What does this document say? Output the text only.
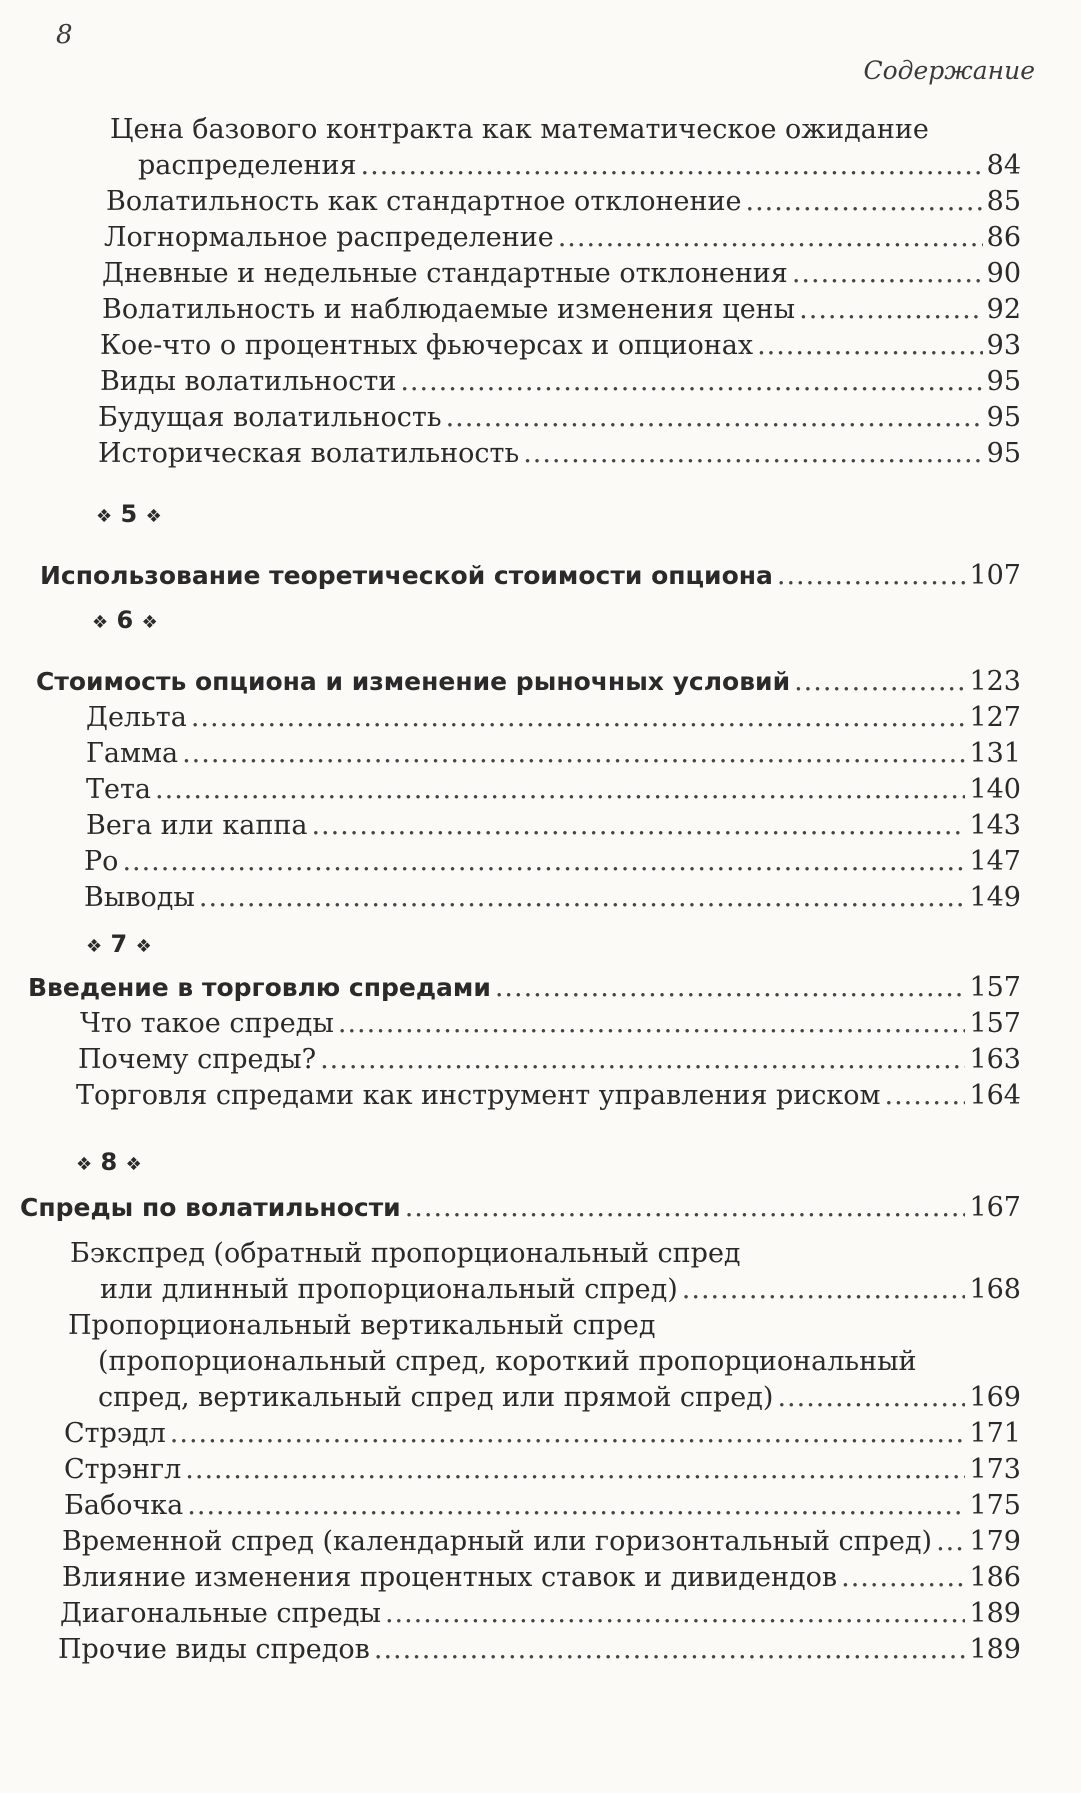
8
Содержание
Цена базового контракта как математическое ожидание
распределения .....	84
Волатильность как стандартное отклонение .....	85
Логнормальное распределение .....	86
Дневные и недельные стандартные отклонения .....	90
Волатильность и наблюдаемые изменения цены .....	92
Кое-что о процентных фьючерсах и опционах .....	93
Виды волатильности .....	95
Будущая волатильность .....	95
Историческая волатильность .....	95
❖ 5 ❖
Использование теоретической стоимости опциона .....	107
❖ 6 ❖
Стоимость опциона и изменение рыночных условий .....	123
Дельта .....	127
Гамма .....	131
Тета .....	140
Вега или каппа .....	143
Ро .....	147
Выводы .....	149
❖ 7 ❖
Введение в торговлю спредами .....	157
Что такое спреды .....	157
Почему спреды? .....	163
Торговля спредами как инструмент управления риском .....	164
❖ 8 ❖
Спреды по волатильности .....	167
Бэкспред (обратный пропорциональный спред
или длинный пропорциональный спред) .....	168
Пропорциональный вертикальный спред
(пропорциональный спред, короткий пропорциональный
спред, вертикальный спред или прямой спред) .....	169
Стрэдл .....	171
Стрэнгл .....	173
Бабочка .....	175
Временной спред (календарный или горизонтальный спред) ..... 179
Влияние изменения процентных ставок и дивидендов .....	186
Диагональные спреды .....	189
Прочие виды спредов .....	189
